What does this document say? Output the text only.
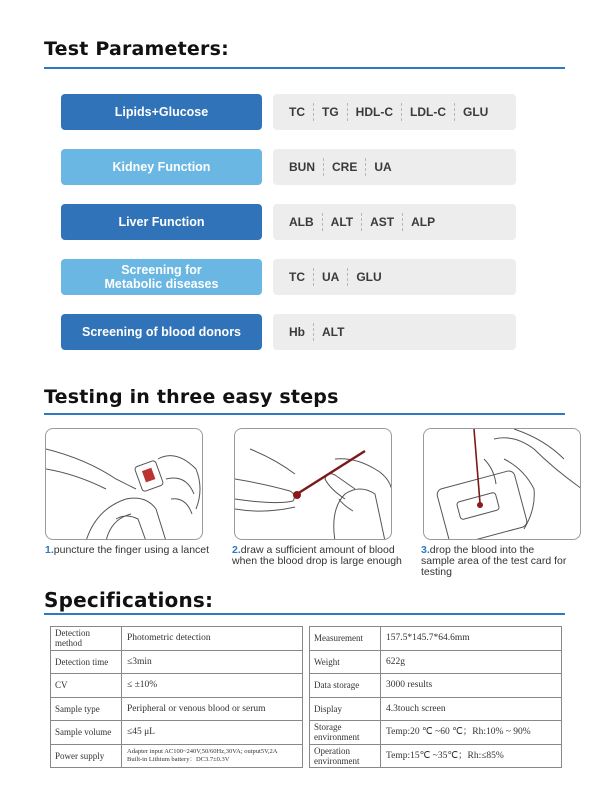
Test Parameters:
Lipids+Glucose	TC	TG	HDL-C	LDL-C	GLU
Kidney Function	BUN	CRE	UA
Liver Function	ALB	ALT	AST	ALP
Screening for
Metabolic diseases	TC	UA	GLU
Screening of blood donors	Hb	ALT
Testing in three easy steps
1.puncture the finger using a lancet	2.draw a sufficient amount of blood when the blood drop is large enough
3.drop the blood into the sample area of the test card for testing
Specifications:
Detection method	Photometric detection
Detection time	≤3min
CV	≤ ±10%
Sample type	Peripheral or venous blood or serum
Sample volume	≤45 μL
Power supply	Adapter input AC100~240V,50/60Hz,30VA; output5V,2A
Built-in Lithium battery：DC3.7±0.3V
Measurement	157.5*145.7*64.6mm
Weight	622g
Data storage	3000 results
Display	4.3touch screen
Storage environment	Temp:20 ℃ ~60 ℃；Rh:10% ~ 90%
Operation environment	Temp:15℃ ~35℃；Rh:≤85%
